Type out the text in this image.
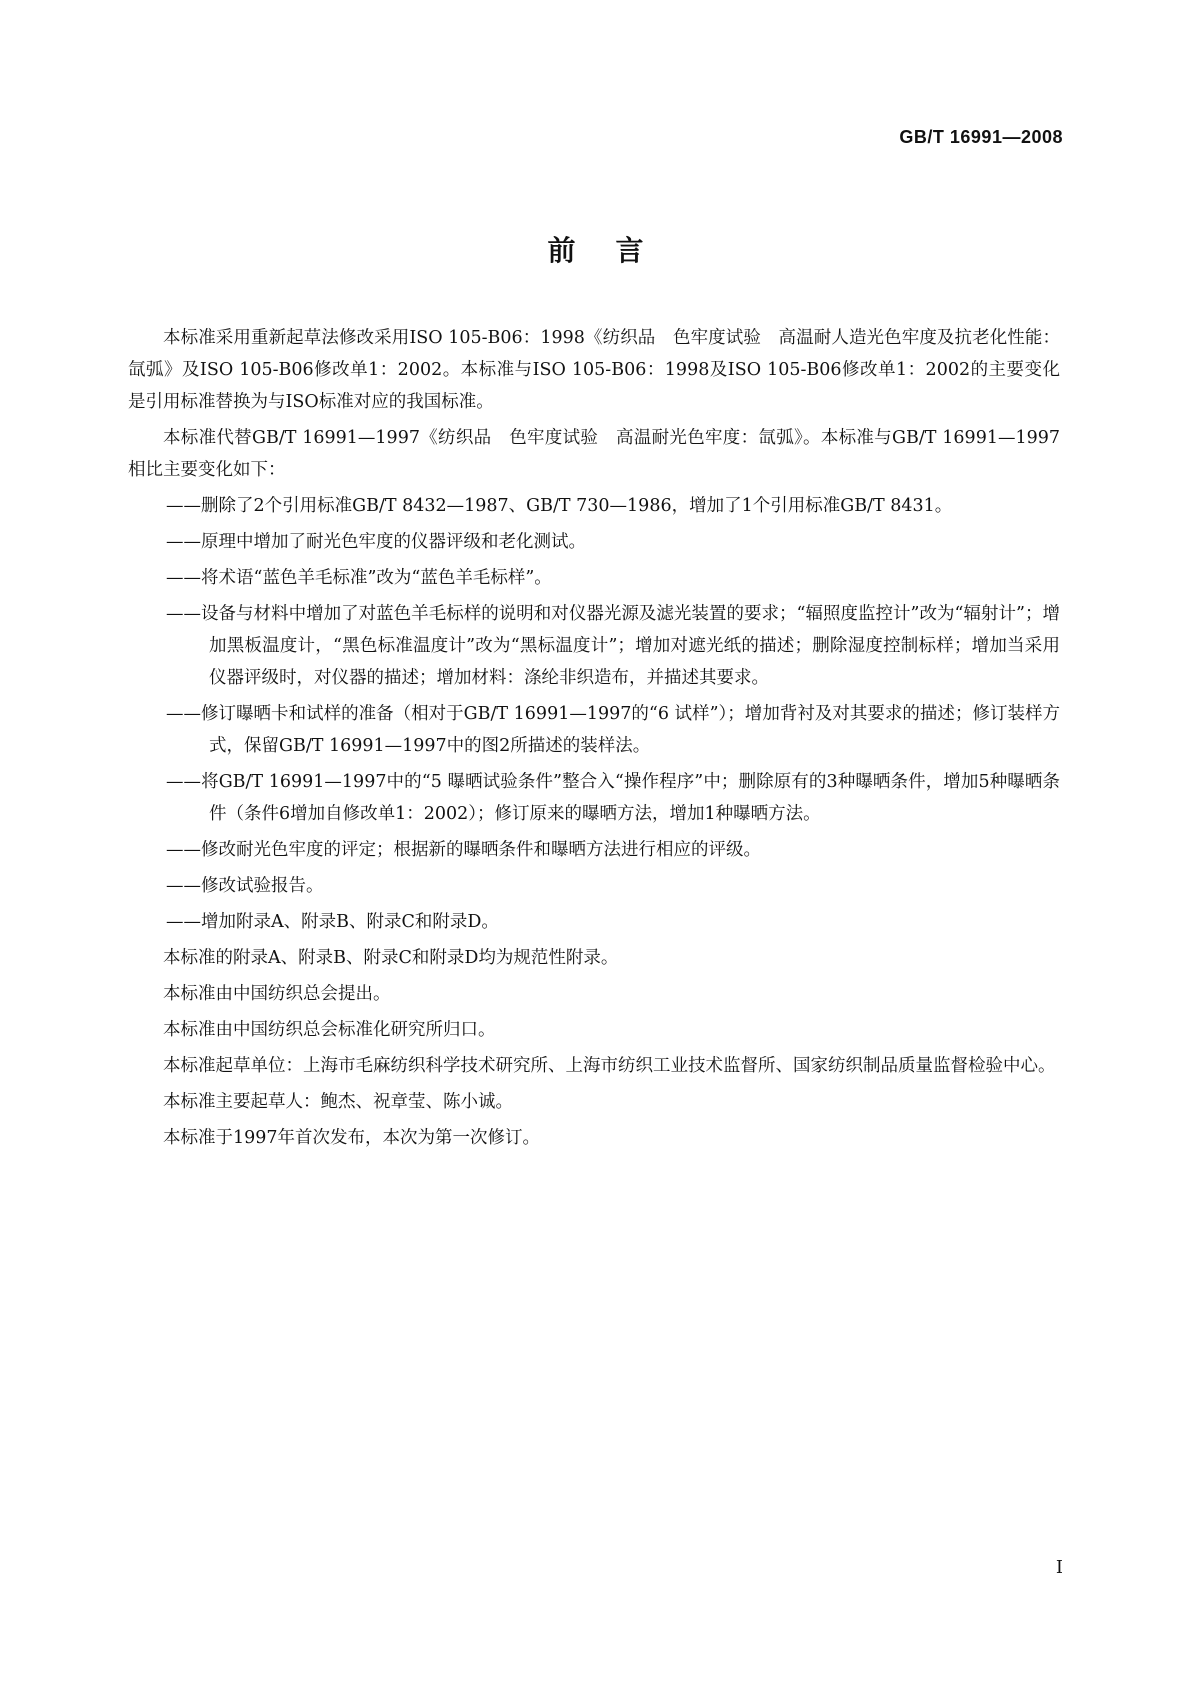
GB/T 16991—2008
前言

本标准采用重新起草法修改采用ISO 105-B06：1998《纺织品　色牢度试验　高温耐人造光色牢度及抗老化性能：氙弧》及ISO 105-B06修改单1：2002。本标准与ISO 105-B06：1998及ISO 105-B06修改单1：2002的主要变化是引用标准替换为与ISO标准对应的我国标准。

本标准代替GB/T 16991—1997《纺织品　色牢度试验　高温耐光色牢度：氙弧》。本标准与GB/T 16991—1997相比主要变化如下：

——删除了2个引用标准GB/T 8432—1987、GB/T 730—1986，增加了1个引用标准GB/T 8431。

——原理中增加了耐光色牢度的仪器评级和老化测试。

——将术语“蓝色羊毛标准”改为“蓝色羊毛标样”。

——设备与材料中增加了对蓝色羊毛标样的说明和对仪器光源及滤光装置的要求；“辐照度监控计”改为“辐射计”；增加黑板温度计，“黑色标准温度计”改为“黑标温度计”；增加对遮光纸的描述；删除湿度控制标样；增加当采用仪器评级时，对仪器的描述；增加材料：涤纶非织造布，并描述其要求。

——修订曝晒卡和试样的准备（相对于GB/T 16991—1997的“6 试样”）；增加背衬及对其要求的描述；修订装样方式，保留GB/T 16991—1997中的图2所描述的装样法。

——将GB/T 16991—1997中的“5 曝晒试验条件”整合入“操作程序”中；删除原有的3种曝晒条件，增加5种曝晒条件（条件6增加自修改单1：2002）；修订原来的曝晒方法，增加1种曝晒方法。

——修改耐光色牢度的评定；根据新的曝晒条件和曝晒方法进行相应的评级。

——修改试验报告。

——增加附录A、附录B、附录C和附录D。

本标准的附录A、附录B、附录C和附录D均为规范性附录。

本标准由中国纺织总会提出。

本标准由中国纺织总会标准化研究所归口。

本标准起草单位：上海市毛麻纺织科学技术研究所、上海市纺织工业技术监督所、国家纺织制品质量监督检验中心。

本标准主要起草人：鲍杰、祝章莹、陈小诚。

本标准于1997年首次发布，本次为第一次修订。

I
